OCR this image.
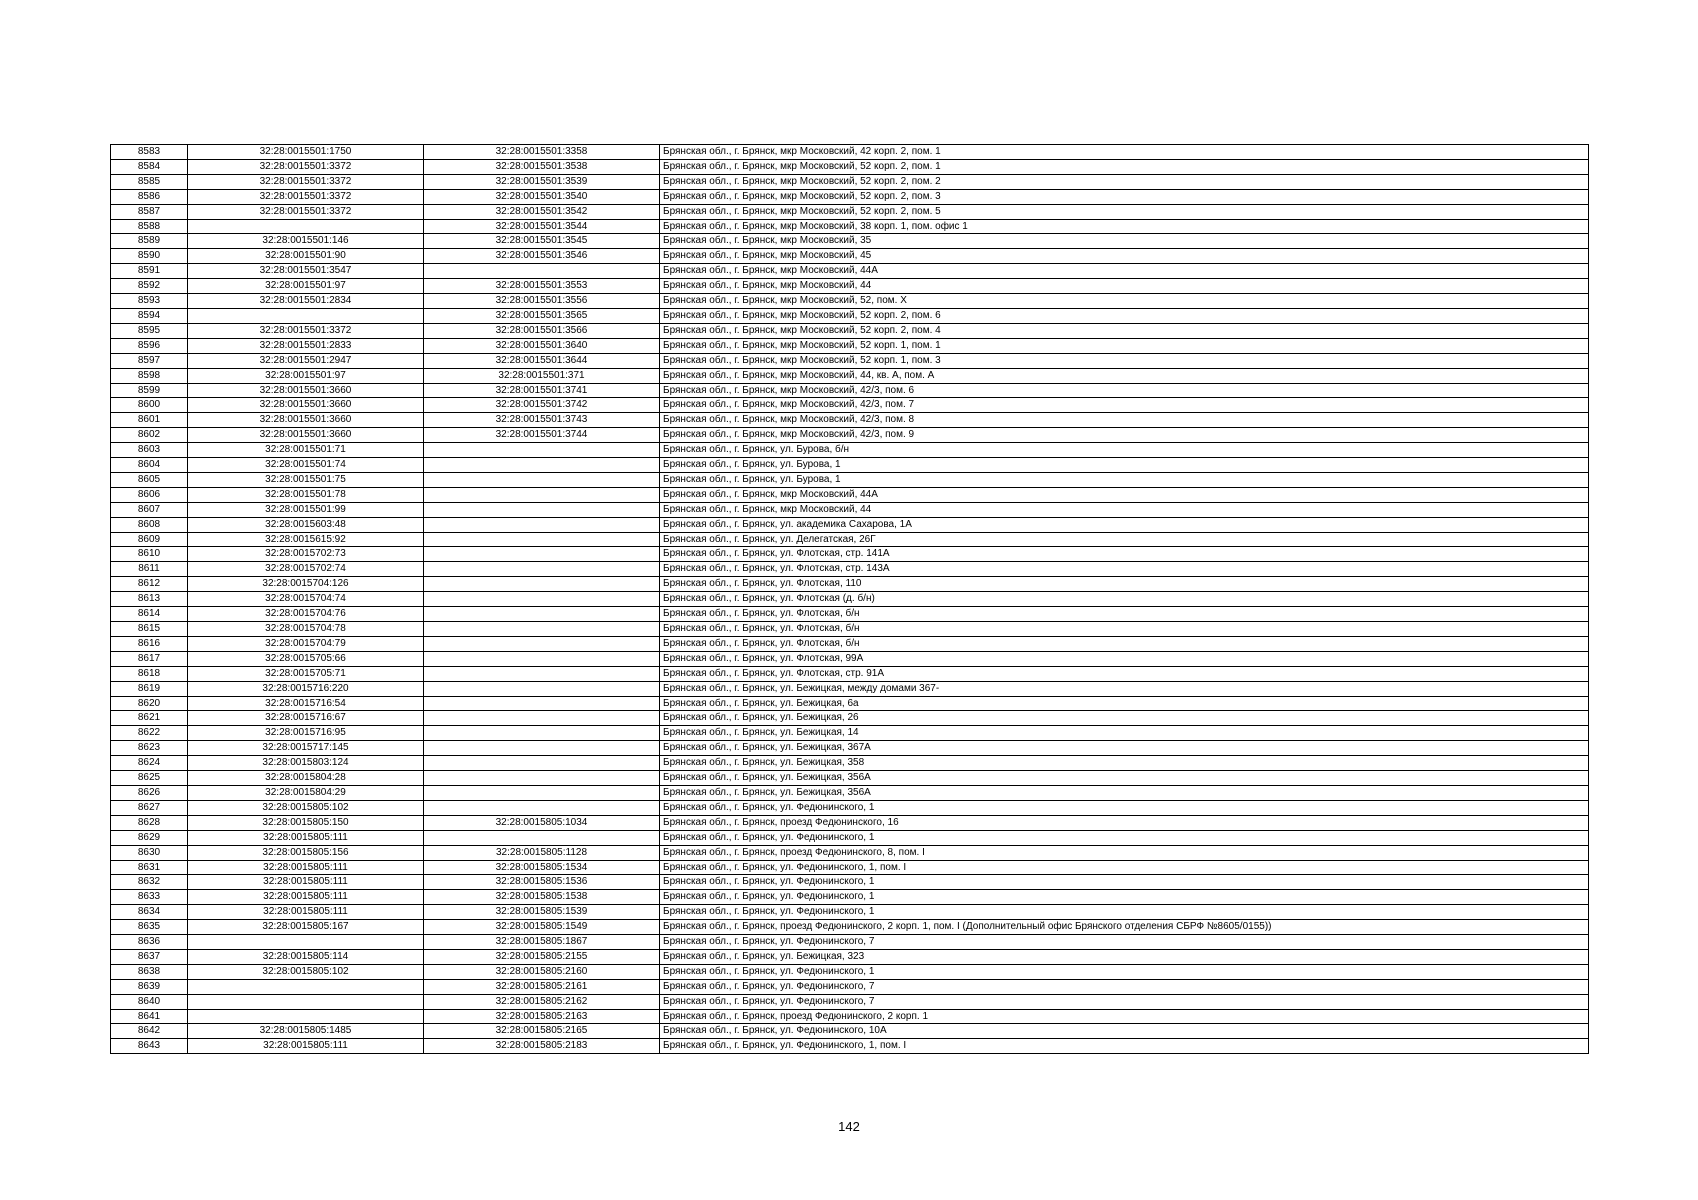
8583	32:28:0015501:1750	32:28:0015501:3358	Брянская обл., г. Брянск, мкр Московский, 42 корп. 2, пом. 1
8584	32:28:0015501:3372	32:28:0015501:3538	Брянская обл., г. Брянск, мкр Московский, 52 корп. 2, пом. 1
8585	32:28:0015501:3372	32:28:0015501:3539	Брянская обл., г. Брянск, мкр Московский, 52 корп. 2, пом. 2
8586	32:28:0015501:3372	32:28:0015501:3540	Брянская обл., г. Брянск, мкр Московский, 52 корп. 2, пом. 3
8587	32:28:0015501:3372	32:28:0015501:3542	Брянская обл., г. Брянск, мкр Московский, 52 корп. 2, пом. 5
8588		32:28:0015501:3544	Брянская обл., г. Брянск, мкр Московский, 38 корп. 1, пом. офис 1
8589	32:28:0015501:146	32:28:0015501:3545	Брянская обл., г. Брянск, мкр Московский, 35
8590	32:28:0015501:90	32:28:0015501:3546	Брянская обл., г. Брянск, мкр Московский, 45
8591	32:28:0015501:3547		Брянская обл., г. Брянск, мкр Московский, 44А
8592	32:28:0015501:97	32:28:0015501:3553	Брянская обл., г. Брянск, мкр Московский, 44
8593	32:28:0015501:2834	32:28:0015501:3556	Брянская обл., г. Брянск, мкр Московский, 52, пом. X
8594		32:28:0015501:3565	Брянская обл., г. Брянск, мкр Московский, 52 корп. 2, пом. 6
8595	32:28:0015501:3372	32:28:0015501:3566	Брянская обл., г. Брянск, мкр Московский, 52 корп. 2, пом. 4
8596	32:28:0015501:2833	32:28:0015501:3640	Брянская обл., г. Брянск, мкр Московский, 52 корп. 1, пом. 1
8597	32:28:0015501:2947	32:28:0015501:3644	Брянская обл., г. Брянск, мкр Московский, 52 корп. 1, пом. 3
8598	32:28:0015501:97	32:28:0015501:371	Брянская обл., г. Брянск, мкр Московский, 44, кв. А, пом. А
8599	32:28:0015501:3660	32:28:0015501:3741	Брянская обл., г. Брянск, мкр Московский, 42/3, пом. 6
8600	32:28:0015501:3660	32:28:0015501:3742	Брянская обл., г. Брянск, мкр Московский, 42/3, пом. 7
8601	32:28:0015501:3660	32:28:0015501:3743	Брянская обл., г. Брянск, мкр Московский, 42/3, пом. 8
8602	32:28:0015501:3660	32:28:0015501:3744	Брянская обл., г. Брянск, мкр Московский, 42/3, пом. 9
8603	32:28:0015501:71		Брянская обл., г. Брянск, ул. Бурова, б/н
8604	32:28:0015501:74		Брянская обл., г. Брянск, ул. Бурова, 1
8605	32:28:0015501:75		Брянская обл., г. Брянск, ул. Бурова, 1
8606	32:28:0015501:78		Брянская обл., г. Брянск, мкр Московский, 44А
8607	32:28:0015501:99		Брянская обл., г. Брянск, мкр Московский, 44
8608	32:28:0015603:48		Брянская обл., г. Брянск, ул. академика Сахарова, 1А
8609	32:28:0015615:92		Брянская обл., г. Брянск, ул. Делегатская, 26Г
8610	32:28:0015702:73		Брянская обл., г. Брянск, ул. Флотская, стр. 141А
8611	32:28:0015702:74		Брянская обл., г. Брянск, ул. Флотская, стр. 143А
8612	32:28:0015704:126		Брянская обл., г. Брянск, ул. Флотская, 110
8613	32:28:0015704:74		Брянская обл., г. Брянск, ул. Флотская (д. б/н)
8614	32:28:0015704:76		Брянская обл., г. Брянск, ул. Флотская, б/н
8615	32:28:0015704:78		Брянская обл., г. Брянск, ул. Флотская, б/н
8616	32:28:0015704:79		Брянская обл., г. Брянск, ул. Флотская, б/н
8617	32:28:0015705:66		Брянская обл., г. Брянск, ул. Флотская, 99А
8618	32:28:0015705:71		Брянская обл., г. Брянск, ул. Флотская, стр. 91А
8619	32:28:0015716:220		Брянская обл., г. Брянск, ул. Бежицкая, между домами 367-
8620	32:28:0015716:54		Брянская обл., г. Брянск, ул. Бежицкая, 6а
8621	32:28:0015716:67		Брянская обл., г. Брянск, ул. Бежицкая, 26
8622	32:28:0015716:95		Брянская обл., г. Брянск, ул. Бежицкая, 14
8623	32:28:0015717:145		Брянская обл., г. Брянск, ул. Бежицкая, 367А
8624	32:28:0015803:124		Брянская обл., г. Брянск, ул. Бежицкая, 358
8625	32:28:0015804:28		Брянская обл., г. Брянск, ул. Бежицкая, 356А
8626	32:28:0015804:29		Брянская обл., г. Брянск, ул. Бежицкая, 356А
8627	32:28:0015805:102		Брянская обл., г. Брянск, ул. Федюнинского, 1
8628	32:28:0015805:150	32:28:0015805:1034	Брянская обл., г. Брянск, проезд Федюнинского, 16
8629	32:28:0015805:111		Брянская обл., г. Брянск, ул. Федюнинского, 1
8630	32:28:0015805:156	32:28:0015805:1128	Брянская обл., г. Брянск, проезд Федюнинского, 8, пом. I
8631	32:28:0015805:111	32:28:0015805:1534	Брянская обл., г. Брянск, ул. Федюнинского, 1, пом. I
8632	32:28:0015805:111	32:28:0015805:1536	Брянская обл., г. Брянск, ул. Федюнинского, 1
8633	32:28:0015805:111	32:28:0015805:1538	Брянская обл., г. Брянск, ул. Федюнинского, 1
8634	32:28:0015805:111	32:28:0015805:1539	Брянская обл., г. Брянск, ул. Федюнинского, 1
8635	32:28:0015805:167	32:28:0015805:1549	Брянская обл., г. Брянск, проезд Федюнинского, 2 корп. 1, пом. I (Дополнительный офис Брянского отделения СБРФ №8605/0155))
8636		32:28:0015805:1867	Брянская обл., г. Брянск, ул. Федюнинского, 7
8637	32:28:0015805:114	32:28:0015805:2155	Брянская обл., г. Брянск, ул. Бежицкая, 323
8638	32:28:0015805:102	32:28:0015805:2160	Брянская обл., г. Брянск, ул. Федюнинского, 1
8639		32:28:0015805:2161	Брянская обл., г. Брянск, ул. Федюнинского, 7
8640		32:28:0015805:2162	Брянская обл., г. Брянск, ул. Федюнинского, 7
8641		32:28:0015805:2163	Брянская обл., г. Брянск, проезд Федюнинского, 2 корп. 1
8642	32:28:0015805:1485	32:28:0015805:2165	Брянская обл., г. Брянск, ул. Федюнинского, 10А
8643	32:28:0015805:111	32:28:0015805:2183	Брянская обл., г. Брянск, ул. Федюнинского, 1, пом. I
142
